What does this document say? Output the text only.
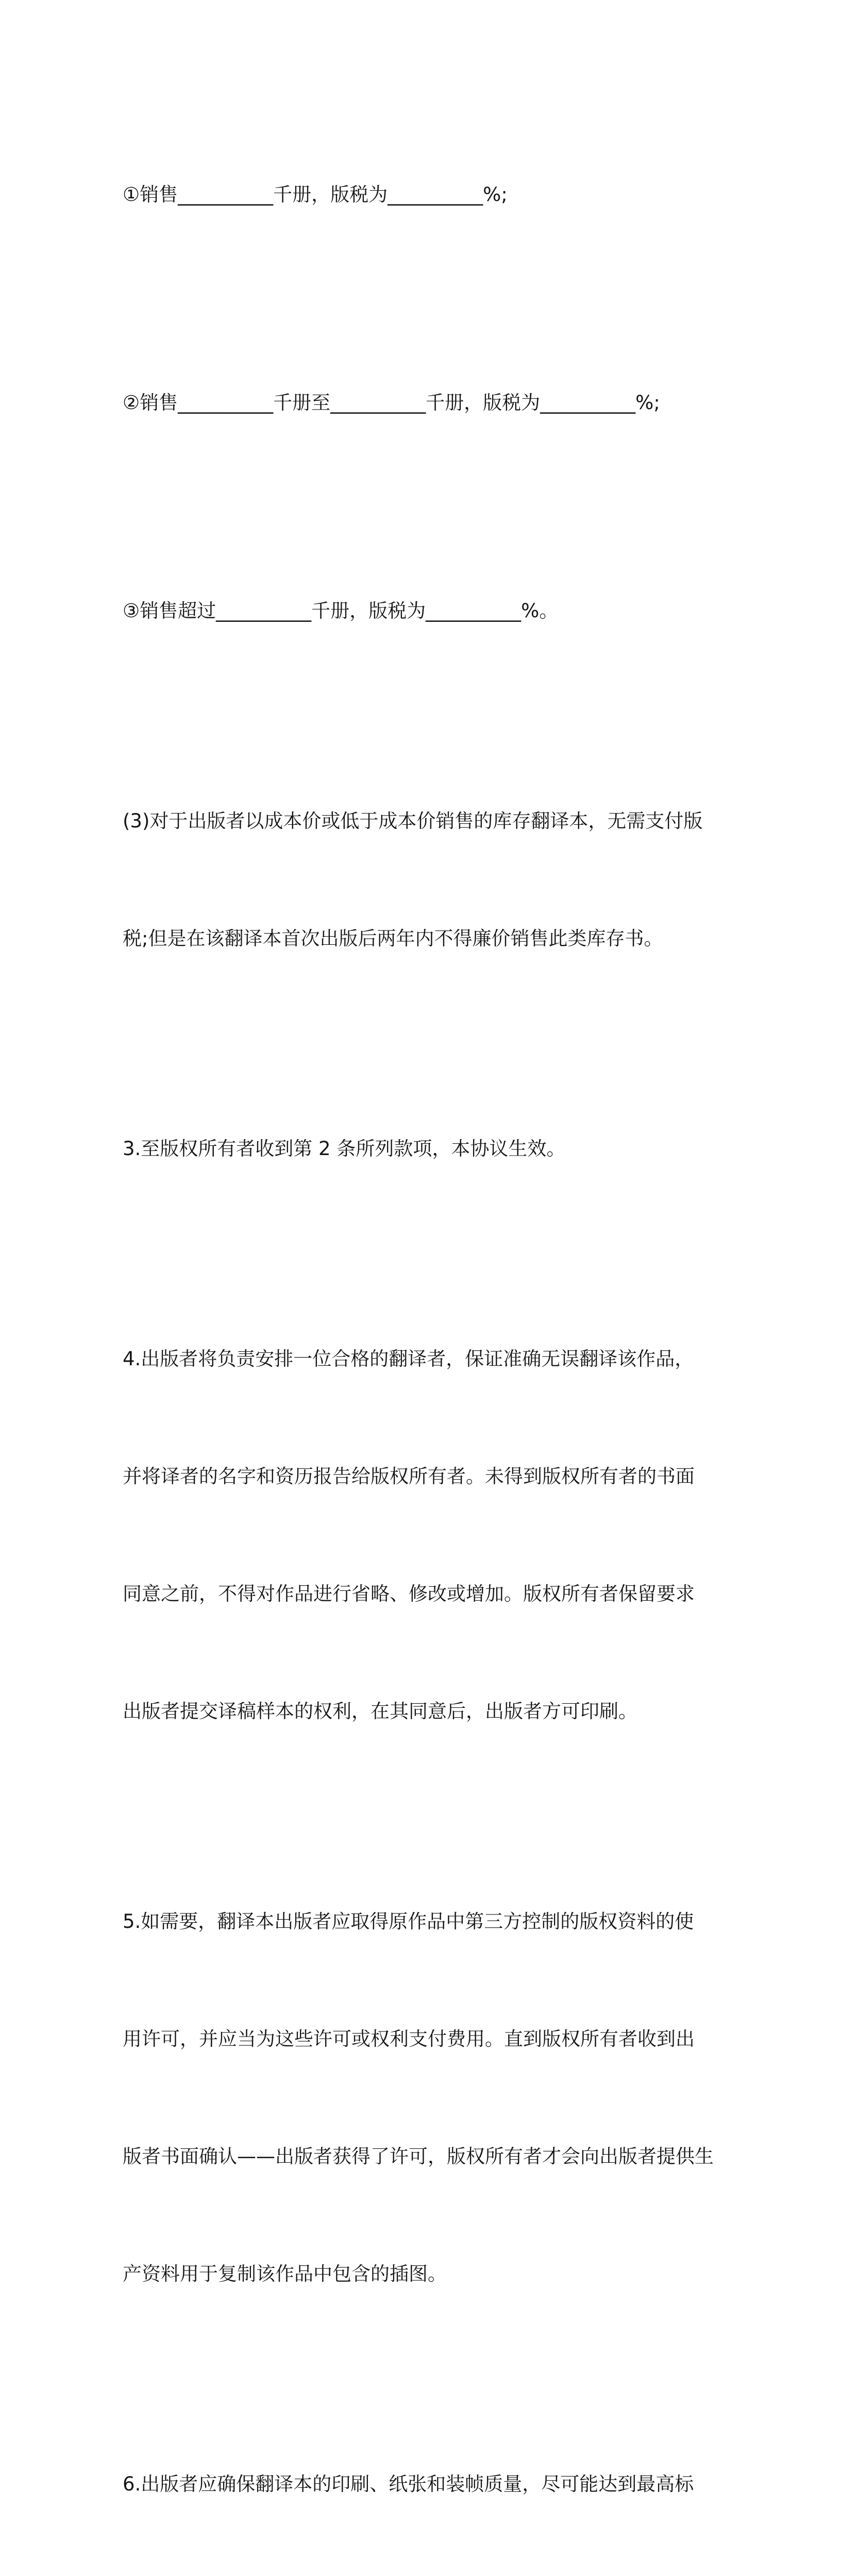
①销售__________千册，版税为__________%;

②销售__________千册至__________千册，版税为__________%;

③销售超过__________千册，版税为__________%。

(3)对于出版者以成本价或低于成本价销售的库存翻译本，无需支付版

税;但是在该翻译本首次出版后两年内不得廉价销售此类库存书。

3.至版权所有者收到第 2 条所列款项，本协议生效。

4.出版者将负责安排一位合格的翻译者，保证准确无误翻译该作品，

并将译者的名字和资历报告给版权所有者。未得到版权所有者的书面

同意之前，不得对作品进行省略、修改或增加。版权所有者保留要求

出版者提交译稿样本的权利，在其同意后，出版者方可印刷。

5.如需要，翻译本出版者应取得原作品中第三方控制的版权资料的使

用许可，并应当为这些许可或权利支付费用。直到版权所有者收到出

版者书面确认——出版者获得了许可，版权所有者才会向出版者提供生

产资料用于复制该作品中包含的插图。

6.出版者应确保翻译本的印刷、纸张和装帧质量，尽可能达到最高标
